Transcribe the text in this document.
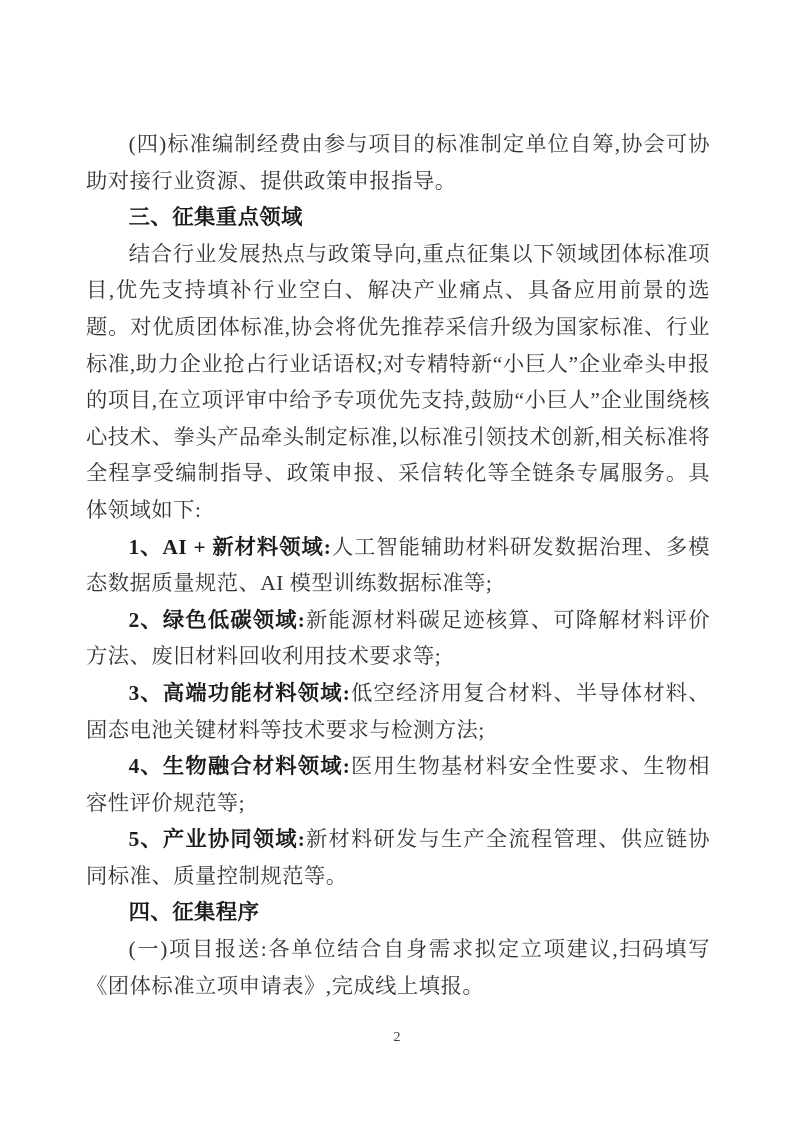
(四)标准编制经费由参与项目的标准制定单位自筹,协会可协助对接行业资源、提供政策申报指导。

三、征集重点领域

结合行业发展热点与政策导向,重点征集以下领域团体标准项目,优先支持填补行业空白、解决产业痛点、具备应用前景的选题。对优质团体标准,协会将优先推荐采信升级为国家标准、行业标准,助力企业抢占行业话语权;对专精特新“小巨人”企业牵头申报的项目,在立项评审中给予专项优先支持,鼓励“小巨人”企业围绕核心技术、拳头产品牵头制定标准,以标准引领技术创新,相关标准将全程享受编制指导、政策申报、采信转化等全链条专属服务。具体领域如下:

1、AI + 新材料领域:人工智能辅助材料研发数据治理、多模态数据质量规范、AI 模型训练数据标准等;

2、绿色低碳领域:新能源材料碳足迹核算、可降解材料评价方法、废旧材料回收利用技术要求等;

3、高端功能材料领域:低空经济用复合材料、半导体材料、固态电池关键材料等技术要求与检测方法;

4、生物融合材料领域:医用生物基材料安全性要求、生物相容性评价规范等;

5、产业协同领域:新材料研发与生产全流程管理、供应链协同标准、质量控制规范等。

四、征集程序

(一)项目报送:各单位结合自身需求拟定立项建议,扫码填写《团体标准立项申请表》,完成线上填报。

2
